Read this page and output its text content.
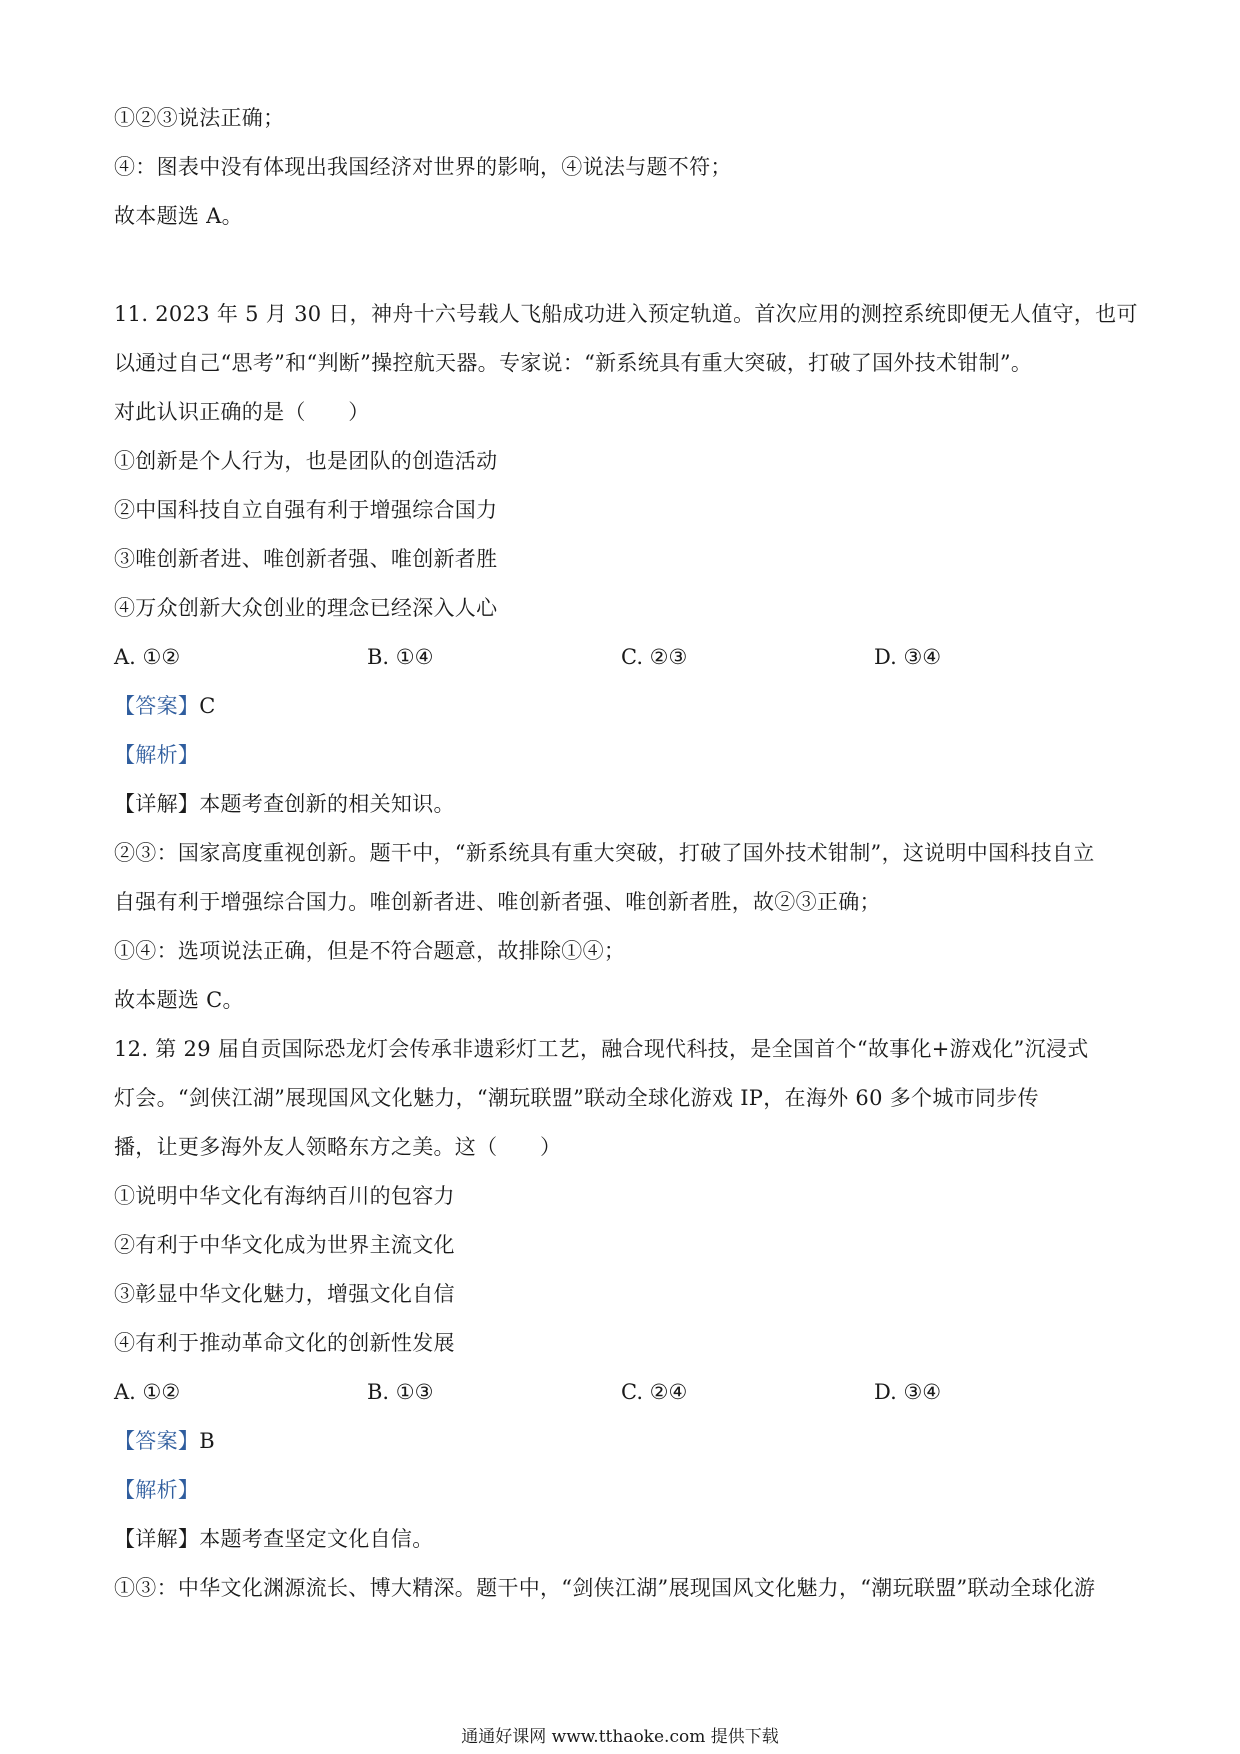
①②③说法正确；
④：图表中没有体现出我国经济对世界的影响，④说法与题不符；
故本题选 A。
11. 2023 年 5 月 30 日，神舟十六号载人飞船成功进入预定轨道。首次应用的测控系统即便无人值守，也可
以通过自己“思考”和“判断”操控航天器。专家说：“新系统具有重大突破，打破了国外技术钳制”。
对此认识正确的是（　　）
①创新是个人行为，也是团队的创造活动
②中国科技自立自强有利于增强综合国力
③唯创新者进、唯创新者强、唯创新者胜
④万众创新大众创业的理念已经深入人心
A. ①②	B. ①④	C. ②③	D. ③④
【答案】C
【解析】
【详解】本题考查创新的相关知识。
②③：国家高度重视创新。题干中，“新系统具有重大突破，打破了国外技术钳制”，这说明中国科技自立
自强有利于增强综合国力。唯创新者进、唯创新者强、唯创新者胜，故②③正确；
①④：选项说法正确，但是不符合题意，故排除①④；
故本题选 C。
12. 第 29 届自贡国际恐龙灯会传承非遗彩灯工艺，融合现代科技，是全国首个“故事化+游戏化”沉浸式
灯会。“剑侠江湖”展现国风文化魅力，“潮玩联盟”联动全球化游戏 IP，在海外 60 多个城市同步传
播，让更多海外友人领略东方之美。这（　　）
①说明中华文化有海纳百川的包容力
②有利于中华文化成为世界主流文化
③彰显中华文化魅力，增强文化自信
④有利于推动革命文化的创新性发展
A. ①②	B. ①③	C. ②④	D. ③④
【答案】B
【解析】
【详解】本题考查坚定文化自信。
①③：中华文化渊源流长、博大精深。题干中，“剑侠江湖”展现国风文化魅力，“潮玩联盟”联动全球化游
通通好课网 www.tthaoke.com 提供下载
